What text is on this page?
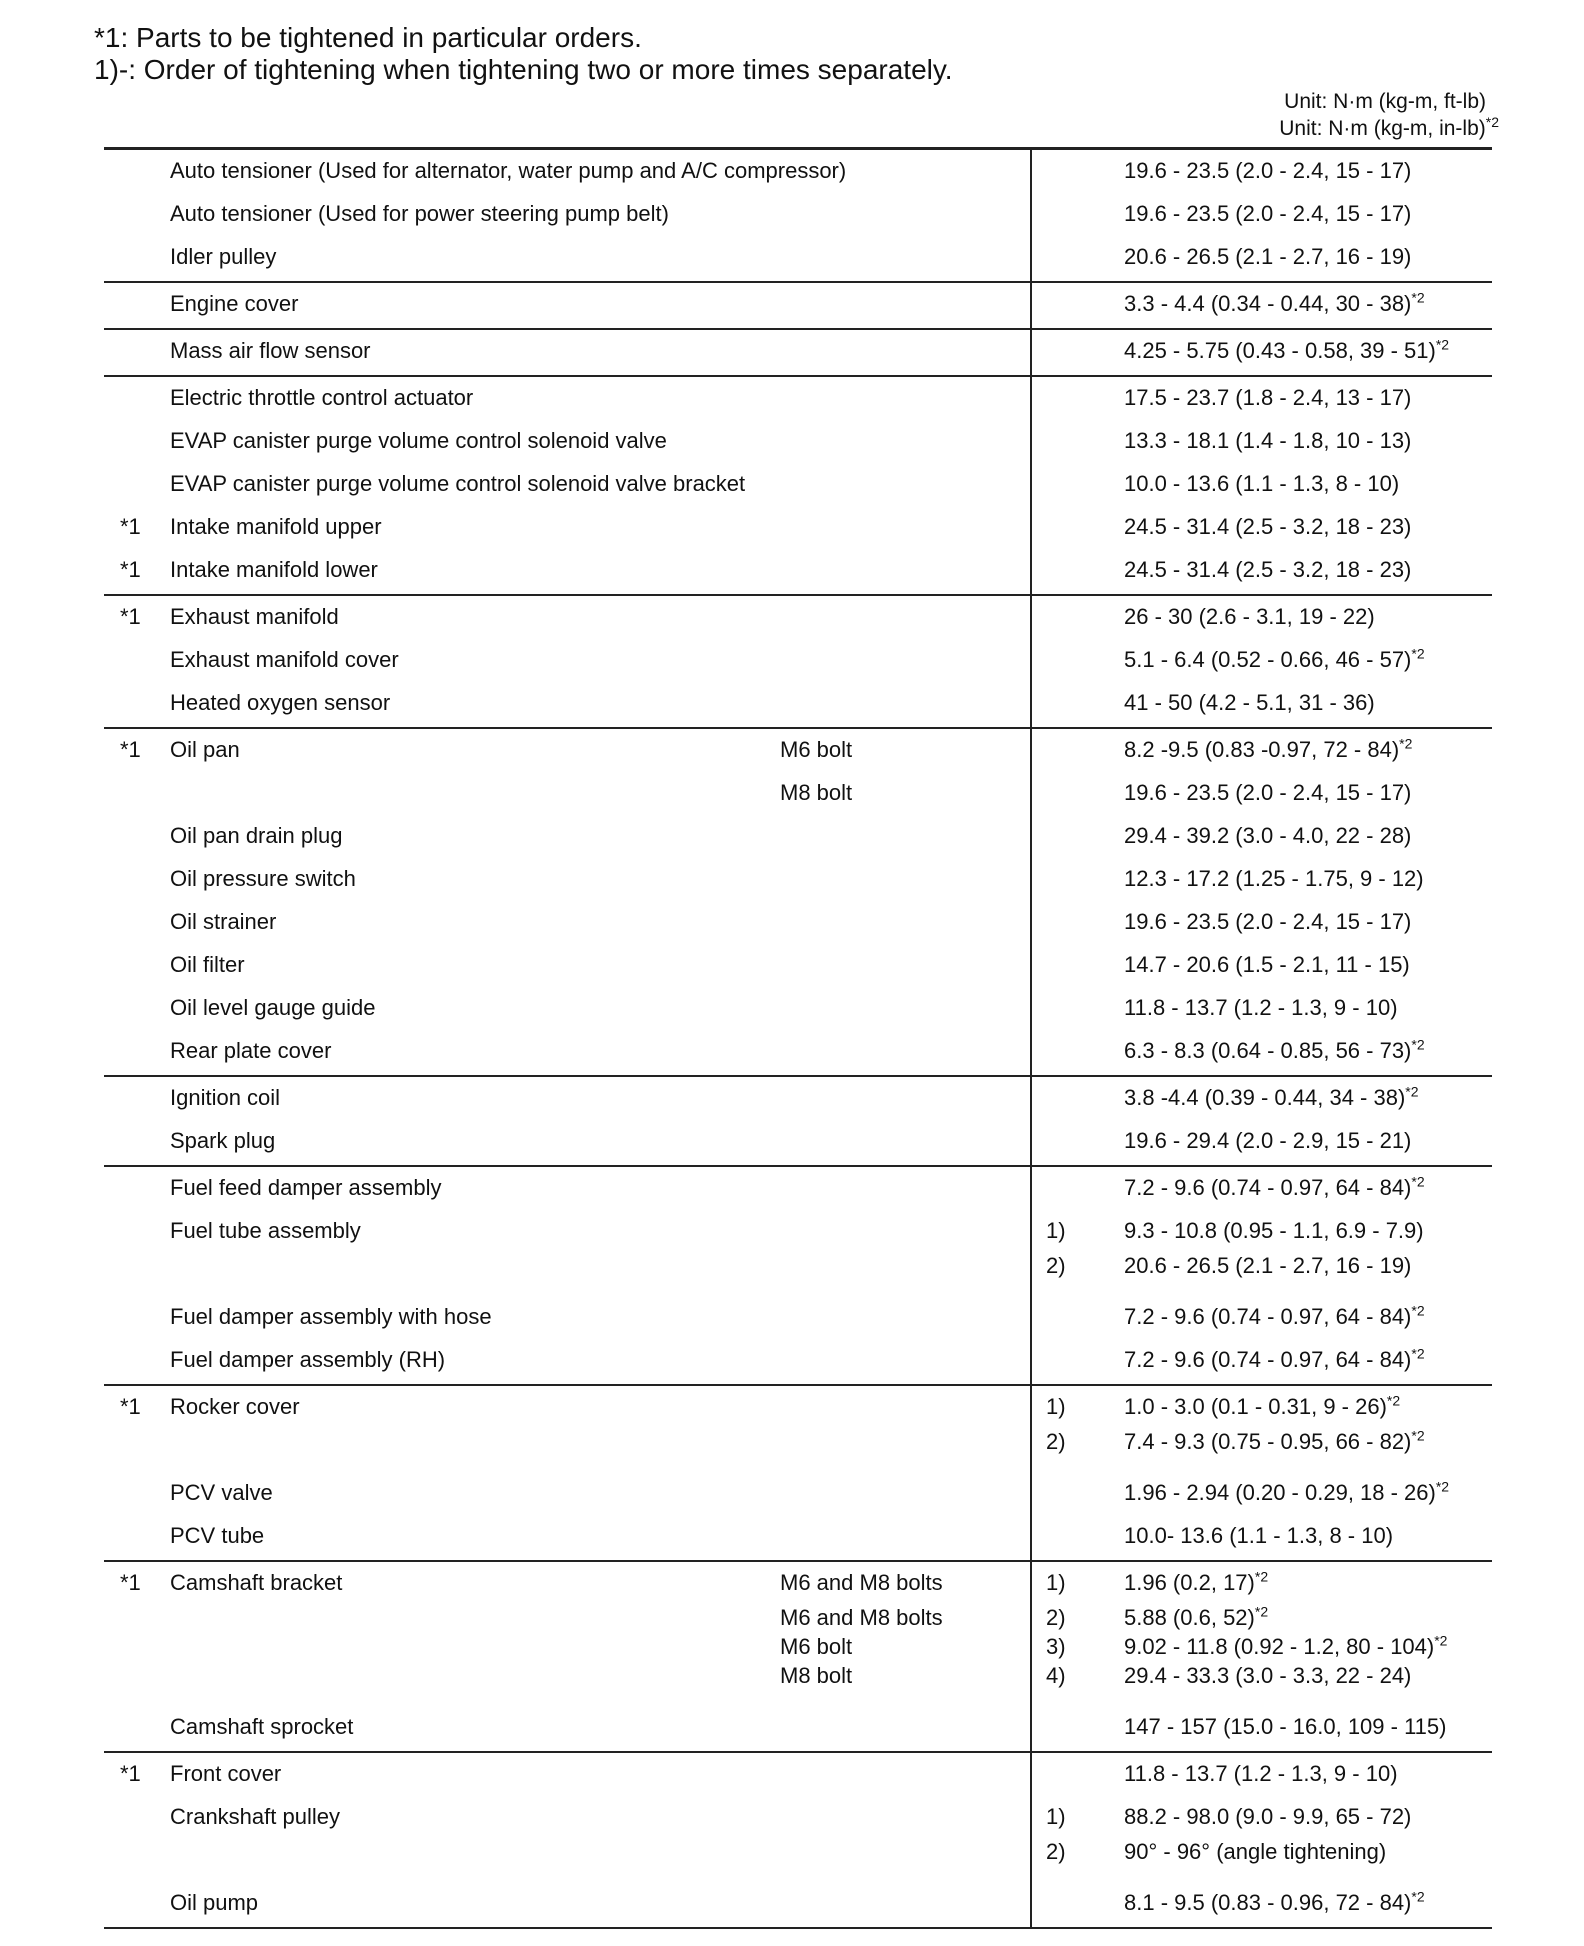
*1: Parts to be tightened in particular orders.
1)-: Order of tightening when tightening two or more times separately.
Unit: N·m (kg-m, ft-lb)
Unit: N·m (kg-m, in-lb)$^{*2}$
Auto tensioner (Used for alternator, water pump and A/C compressor)	19.6 - 23.5 (2.0 - 2.4, 15 - 17)
Auto tensioner (Used for power steering pump belt)	19.6 - 23.5 (2.0 - 2.4, 15 - 17)
Idler pulley	20.6 - 26.5 (2.1 - 2.7, 16 - 19)
Engine cover	3.3 - 4.4 (0.34 - 0.44, 30 - 38)$^{*2}$
Mass air flow sensor	4.25 - 5.75 (0.43 - 0.58, 39 - 51)$^{*2}$
Electric throttle control actuator	17.5 - 23.7 (1.8 - 2.4, 13 - 17)
EVAP canister purge volume control solenoid valve	13.3 - 18.1 (1.4 - 1.8, 10 - 13)
EVAP canister purge volume control solenoid valve bracket	10.0 - 13.6 (1.1 - 1.3, 8 - 10)
*1 Intake manifold upper	24.5 - 31.4 (2.5 - 3.2, 18 - 23)
*1 Intake manifold lower	24.5 - 31.4 (2.5 - 3.2, 18 - 23)
*1 Exhaust manifold	26 - 30 (2.6 - 3.1, 19 - 22)
Exhaust manifold cover	5.1 - 6.4 (0.52 - 0.66, 46 - 57)$^{*2}$
Heated oxygen sensor	41 - 50 (4.2 - 5.1, 31 - 36)
*1 Oil pan	M6 bolt	8.2 -9.5 (0.83 -0.97, 72 - 84)$^{*2}$
M8 bolt	19.6 - 23.5 (2.0 - 2.4, 15 - 17)
Oil pan drain plug	29.4 - 39.2 (3.0 - 4.0, 22 - 28)
Oil pressure switch	12.3 - 17.2 (1.25 - 1.75, 9 - 12)
Oil strainer	19.6 - 23.5 (2.0 - 2.4, 15 - 17)
Oil filter	14.7 - 20.6 (1.5 - 2.1, 11 - 15)
Oil level gauge guide	11.8 - 13.7 (1.2 - 1.3, 9 - 10)
Rear plate cover	6.3 - 8.3 (0.64 - 0.85, 56 - 73)$^{*2}$
Ignition coil	3.8 -4.4 (0.39 - 0.44, 34 - 38)$^{*2}$
Spark plug	19.6 - 29.4 (2.0 - 2.9, 15 - 21)
Fuel feed damper assembly	7.2 - 9.6 (0.74 - 0.97, 64 - 84)$^{*2}$
Fuel tube assembly	1)	9.3 - 10.8 (0.95 - 1.1, 6.9 - 7.9)
2)	20.6 - 26.5 (2.1 - 2.7, 16 - 19)
Fuel damper assembly with hose	7.2 - 9.6 (0.74 - 0.97, 64 - 84)$^{*2}$
Fuel damper assembly (RH)	7.2 - 9.6 (0.74 - 0.97, 64 - 84)$^{*2}$
*1 Rocker cover	1)	1.0 - 3.0 (0.1 - 0.31, 9 - 26)$^{*2}$
2)	7.4 - 9.3 (0.75 - 0.95, 66 - 82)$^{*2}$
PCV valve	1.96 - 2.94 (0.20 - 0.29, 18 - 26)$^{*2}$
PCV tube	10.0- 13.6 (1.1 - 1.3, 8 - 10)
*1 Camshaft bracket	M6 and M8 bolts	1)	1.96 (0.2, 17)$^{*2}$
M6 and M8 bolts	2)	5.88 (0.6, 52)$^{*2}$
M6 bolt	3)	9.02 - 11.8 (0.92 - 1.2, 80 - 104)$^{*2}$
M8 bolt	4)	29.4 - 33.3 (3.0 - 3.3, 22 - 24)
Camshaft sprocket	147 - 157 (15.0 - 16.0, 109 - 115)
*1 Front cover	11.8 - 13.7 (1.2 - 1.3, 9 - 10)
Crankshaft pulley	1)	88.2 - 98.0 (9.0 - 9.9, 65 - 72)
2)	90° - 96° (angle tightening)
Oil pump	8.1 - 9.5 (0.83 - 0.96, 72 - 84)$^{*2}$
